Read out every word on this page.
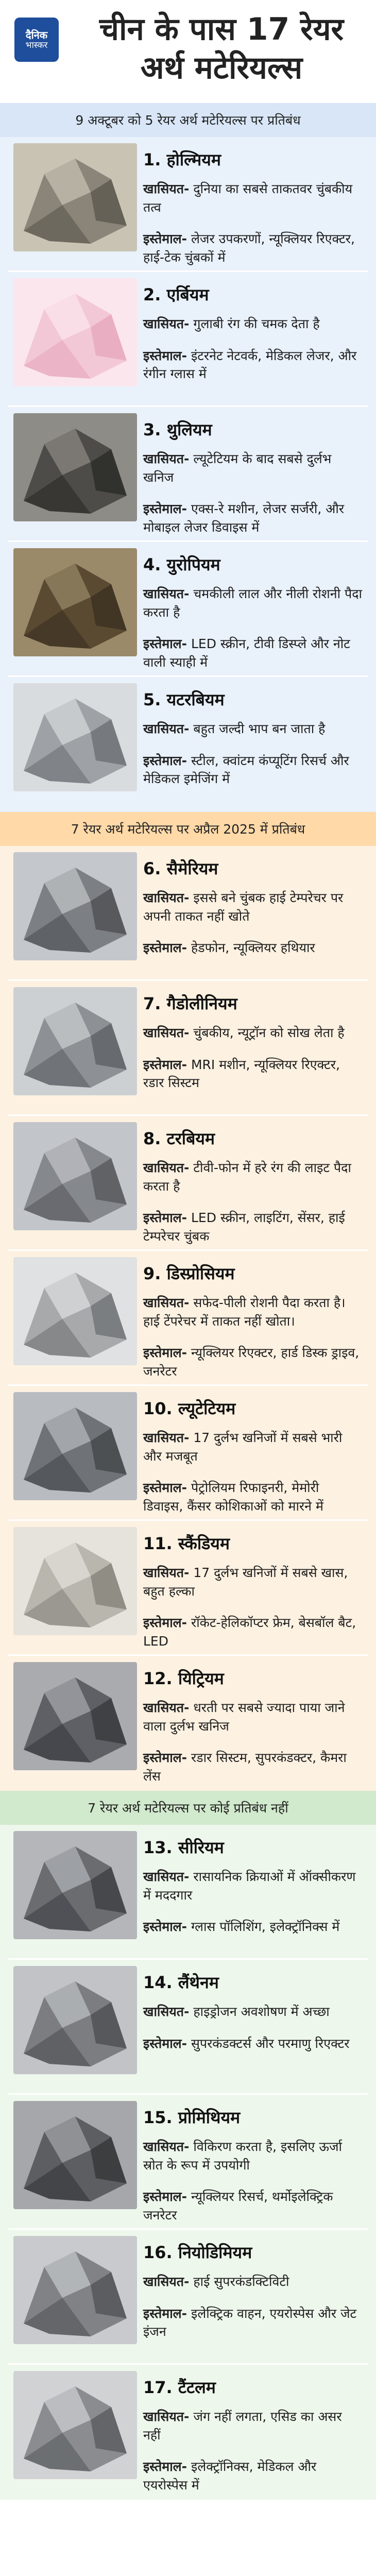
दैनिक
भास्कर	चीन के पास 17 रेयर अर्थ मटेरियल्स
9 अक्टूबर को 5 रेयर अर्थ मटेरियल्स पर प्रतिबंध
1. होल्मियम
खासियत- दुनिया का सबसे ताकतवर चुंबकीय तत्व
इस्तेमाल- लेजर उपकरणों, न्यूक्लियर रिएक्टर, हाई-टेक चुंबकों में
2. एर्बियम
खासियत- गुलाबी रंग की चमक देता है
इस्तेमाल- इंटरनेट नेटवर्क, मेडिकल लेजर, और रंगीन ग्लास में
3. थुलियम
खासियत- ल्यूटेटियम के बाद सबसे दुर्लभ खनिज
इस्तेमाल- एक्स-रे मशीन, लेजर सर्जरी, और मोबाइल लेजर डिवाइस में
4. युरोपियम
खासियत- चमकीली लाल और नीली रोशनी पैदा करता है
इस्तेमाल- LED स्क्रीन, टीवी डिस्प्ले और नोट वाली स्याही में
5. यटरबियम
खासियत- बहुत जल्दी भाप बन जाता है
इस्तेमाल- स्टील, क्वांटम कंप्यूटिंग रिसर्च और मेडिकल इमेजिंग में
7 रेयर अर्थ मटेरियल्स पर अप्रैल 2025 में प्रतिबंध
6. सैमेरियम
खासियत- इससे बने चुंबक हाई टेम्परेचर पर अपनी ताकत नहीं खोते
इस्तेमाल- हेडफोन, न्यूक्लियर हथियार
7. गैडोलीनियम
खासियत- चुंबकीय, न्यूट्रॉन को सोख लेता है
इस्तेमाल- MRI मशीन, न्यूक्लियर रिएक्टर, रडार सिस्टम
8. टरबियम
खासियत- टीवी-फोन में हरे रंग की लाइट पैदा करता है
इस्तेमाल- LED स्क्रीन, लाइटिंग, सेंसर, हाई टेम्परेचर चुंबक
9. डिस्प्रोसियम
खासियत- सफेद-पीली रोशनी पैदा करता है। हाई टेंपरेचर में ताकत नहीं खोता।
इस्तेमाल- न्यूक्लियर रिएक्टर, हार्ड डिस्क ड्राइव, जनरेटर
10. ल्यूटेटियम
खासियत- 17 दुर्लभ खनिजों में सबसे भारी और मजबूत
इस्तेमाल- पेट्रोलियम रिफाइनरी, मेमोरी डिवाइस, कैंसर कोशिकाओं को मारने में
11. स्कैंडियम
खासियत- 17 दुर्लभ खनिजों में सबसे खास, बहुत हल्का
इस्तेमाल- रॉकेट-हेलिकॉप्टर फ्रेम, बेसबॉल बैट, LED
12. यिट्रियम
खासियत- धरती पर सबसे ज्यादा पाया जाने वाला दुर्लभ खनिज
इस्तेमाल- रडार सिस्टम, सुपरकंडक्टर, कैमरा लेंस
7 रेयर अर्थ मटेरियल्स पर कोई प्रतिबंध नहीं
13. सीरियम
खासियत- रासायनिक क्रियाओं में ऑक्सीकरण में मददगार
इस्तेमाल- ग्लास पॉलिशिंग, इलेक्ट्रॉनिक्स में
14. लैंथेनम
खासियत- हाइड्रोजन अवशोषण में अच्छा
इस्तेमाल- सुपरकंडक्टर्स और परमाणु रिएक्टर
15. प्रोमिथियम
खासियत- विकिरण करता है, इसलिए ऊर्जा स्रोत के रूप में उपयोगी
इस्तेमाल- न्यूक्लियर रिसर्च, थर्मोइलेक्ट्रिक जनरेटर
16. नियोडिमियम
खासियत- हाई सुपरकंडक्टिविटी
इस्तेमाल- इलेक्ट्रिक वाहन, एयरोस्पेस और जेट इंजन
17. टैंटलम
खासियत- जंग नहीं लगता, एसिड का असर नहीं
इस्तेमाल- इलेक्ट्रॉनिक्स, मेडिकल और एयरोस्पेस में
